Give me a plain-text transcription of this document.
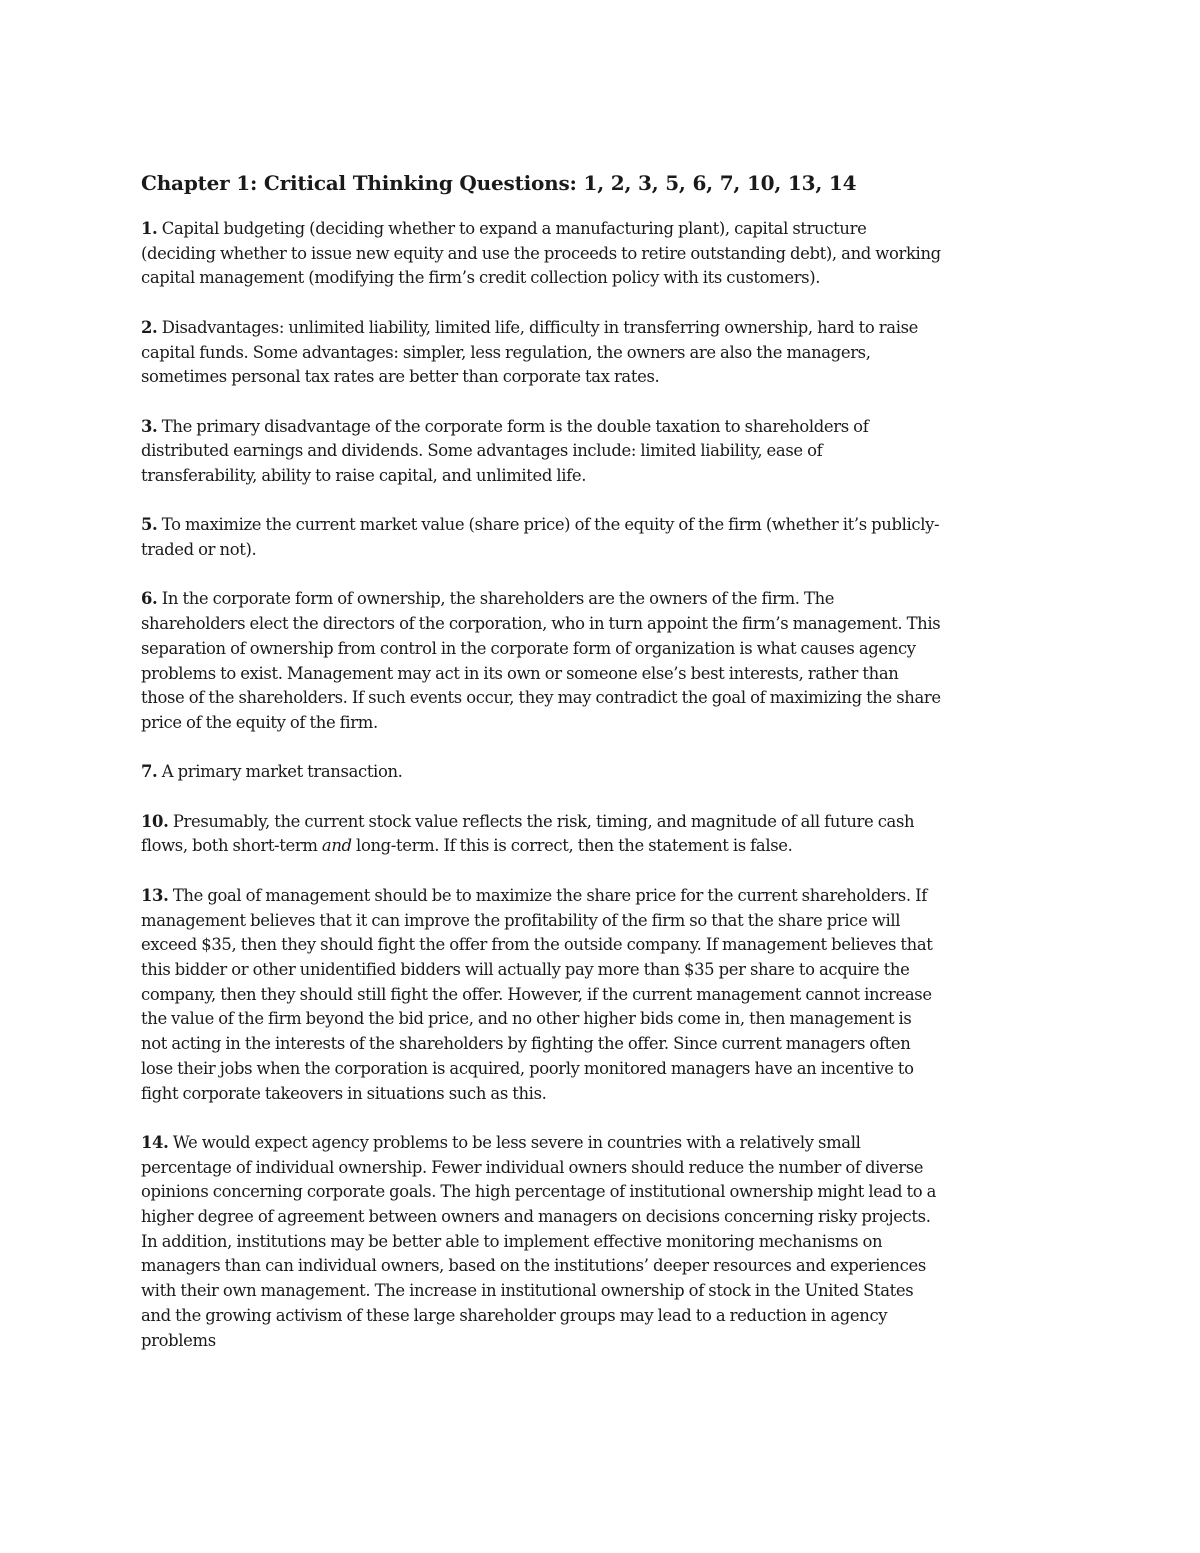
Chapter 1: Critical Thinking Questions: 1, 2, 3, 5, 6, 7, 10, 13, 14

1. Capital budgeting (deciding whether to expand a manufacturing plant), capital structure (deciding whether to issue new equity and use the proceeds to retire outstanding debt), and working capital management (modifying the firm’s credit collection policy with its customers).

2. Disadvantages: unlimited liability, limited life, difficulty in transferring ownership, hard to raise capital funds. Some advantages: simpler, less regulation, the owners are also the managers, sometimes personal tax rates are better than corporate tax rates.

3. The primary disadvantage of the corporate form is the double taxation to shareholders of distributed earnings and dividends. Some advantages include: limited liability, ease of transferability, ability to raise capital, and unlimited life.

5. To maximize the current market value (share price) of the equity of the firm (whether it’s publicly-traded or not).

6. In the corporate form of ownership, the shareholders are the owners of the firm. The shareholders elect the directors of the corporation, who in turn appoint the firm’s management. This separation of ownership from control in the corporate form of organization is what causes agency problems to exist. Management may act in its own or someone else’s best interests, rather than those of the shareholders. If such events occur, they may contradict the goal of maximizing the share price of the equity of the firm.

7. A primary market transaction.

10. Presumably, the current stock value reflects the risk, timing, and magnitude of all future cash flows, both short-term and long-term. If this is correct, then the statement is false.

13. The goal of management should be to maximize the share price for the current shareholders. If management believes that it can improve the profitability of the firm so that the share price will exceed $35, then they should fight the offer from the outside company. If management believes that this bidder or other unidentified bidders will actually pay more than $35 per share to acquire the company, then they should still fight the offer. However, if the current management cannot increase the value of the firm beyond the bid price, and no other higher bids come in, then management is not acting in the interests of the shareholders by fighting the offer. Since current managers often lose their jobs when the corporation is acquired, poorly monitored managers have an incentive to fight corporate takeovers in situations such as this.

14. We would expect agency problems to be less severe in countries with a relatively small percentage of individual ownership. Fewer individual owners should reduce the number of diverse opinions concerning corporate goals. The high percentage of institutional ownership might lead to a higher degree of agreement between owners and managers on decisions concerning risky projects. In addition, institutions may be better able to implement effective monitoring mechanisms on managers than can individual owners, based on the institutions’ deeper resources and experiences with their own management. The increase in institutional ownership of stock in the United States and the growing activism of these large shareholder groups may lead to a reduction in agency problems
